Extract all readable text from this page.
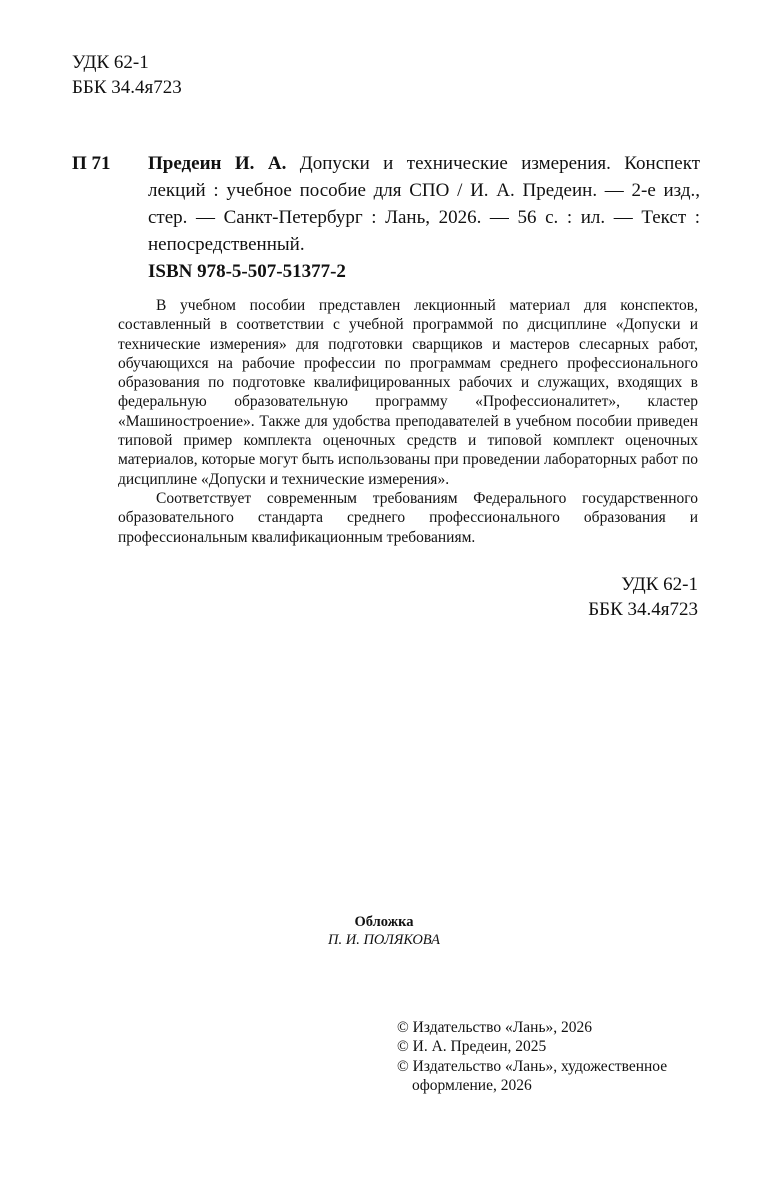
УДК 62-1
ББК 34.4я723
П 71 Предеин И. А. Допуски и технические измерения. Конспект лекций : учебное пособие для СПО / И. А. Предеин. — 2-е изд., стер. — Санкт-Петербург : Лань, 2026. — 56 с. : ил. — Текст : непосредственный.
ISBN 978-5-507-51377-2

В учебном пособии представлен лекционный материал для конспектов, составленный в соответствии с учебной программой по дисциплине «Допуски и технические измерения» для подготовки сварщиков и мастеров слесарных работ, обучающихся на рабочие профессии по программам среднего профессионального образования по подготовке квалифицированных рабочих и служащих, входящих в федеральную образовательную программу «Профессионалитет», кластер «Машиностроение». Также для удобства преподавателей в учебном пособии приведен типовой пример комплекта оценочных средств и типовой комплект оценочных материалов, которые могут быть использованы при проведении лабораторных работ по дисциплине «Допуски и технические измерения».

Соответствует современным требованиям Федерального государственного образовательного стандарта среднего профессионального образования и профессиональным квалификационным требованиям.

УДК 62-1
ББК 34.4я723
Обложка
П. И. ПОЛЯКОВА
© Издательство «Лань», 2026
© И. А. Предеин, 2025
© Издательство «Лань», художественное
оформление, 2026
